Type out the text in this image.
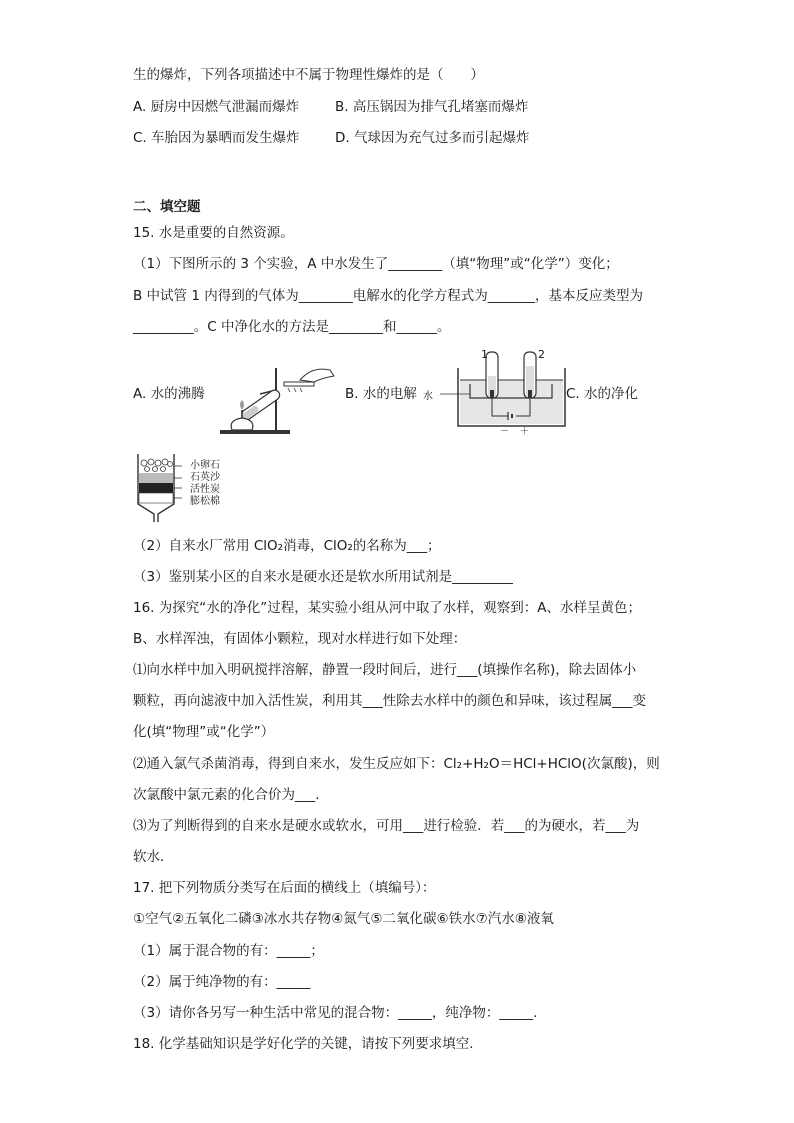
生的爆炸，下列各项描述中不属于物理性爆炸的是（　　）
A. 厨房中因燃气泄漏而爆炸	B. 高压锅因为排气孔堵塞而爆炸
C. 车胎因为暴晒而发生爆炸	D. 气球因为充气过多而引起爆炸
二、填空题
15. 水是重要的自然资源。
（1）下图所示的 3 个实验，A 中水发生了________（填“物理”或“化学”）变化；
B 中试管 1 内得到的气体为________电解水的化学方程式为_______，基本反应类型为
_________。C 中净化水的方法是________和______。
A. 水的沸腾	B. 水的电解
－ ＋
1	2
水	C. 水的净化
小卵石
石英沙
活性炭
膨松棉
（2）自来水厂常用 ClO₂消毒，ClO₂的名称为___；
（3）鉴别某小区的自来水是硬水还是软水所用试剂是_________
16. 为探究“水的净化”过程，某实验小组从河中取了水样，观察到：A、水样呈黄色；
B、水样浑浊，有固体小颗粒，现对水样进行如下处理：
⑴向水样中加入明矾搅拌溶解，静置一段时间后，进行___(填操作名称)，除去固体小
颗粒，再向滤液中加入活性炭，利用其___性除去水样中的颜色和异味，该过程属___变
化(填“物理”或“化学”）
⑵通入氯气杀菌消毒，得到自来水，发生反应如下：Cl₂+H₂O＝HCl+HClO(次氯酸)，则
次氯酸中氯元素的化合价为___.
⑶为了判断得到的自来水是硬水或软水，可用___进行检验．若___的为硬水，若___为
软水．
17. 把下列物质分类写在后面的横线上（填编号）：
①空气②五氧化二磷③冰水共存物④氮气⑤二氧化碳⑥铁水⑦汽水⑧液氧
（1）属于混合物的有：_____；
（2）属于纯净物的有：_____
（3）请你各另写一种生活中常见的混合物：_____，纯净物：_____.
18. 化学基础知识是学好化学的关键，请按下列要求填空.
